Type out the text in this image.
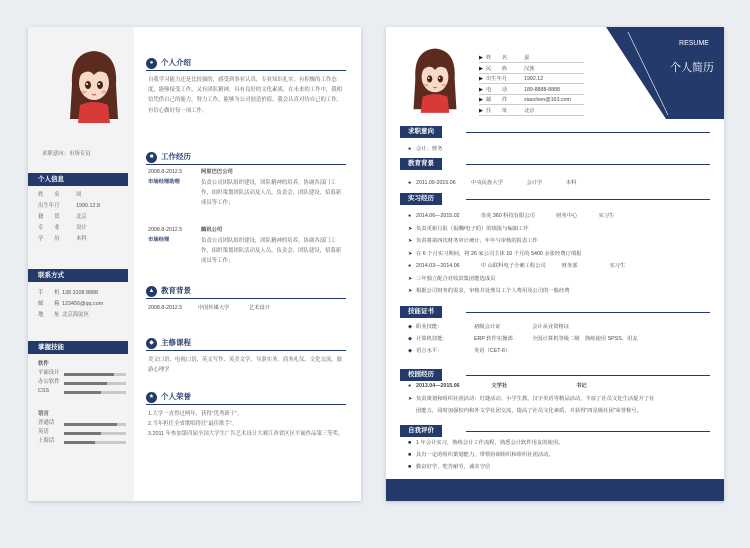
求职意向：市场专员
个人信息
姓　　名	周
出生年月	1990.12.8
籍　　贯	北京
专　　业	设计
学　　历	本科
联系方式
手　　机 138 3108 8888
邮　　箱 123456@qq.com
地　　址 北京海淀区
掌握技能
软件
平面设计
办公软件
CSS
语言
普通话
英语
上海话
● 个人介绍
自我学习能力还是比较强的，感受到事业认真，专业知识扎实，有积极的工作态度，能够接受工作，又有团队精神，具有良好的文化素质，在未来的工作中，我相信凭借自己的能力，努力工作，能够为公司创造价值，我会认真对待自己的工作，有信心做好每一项工作。
■ 工作经历
2008.8-2012.5
市场经理助理
阿里巴巴公司
负责公司团队组织建设，团队精神的培养，协调各部门工作，组织策划团队活动及人员，负责会、团队建设，招募新成员等工作；
2008.8-2012.5
市场经理
腾讯公司
负责公司团队组织建设，团队精神的培养，协调各部门工作，组织策划团队活动及人员，负责会、团队建设，招募新成员等工作；
▲ 教育背景
2008.8-2012.5	中国传媒大学	艺术设计
◆ 主修课程
美文口语、电视口语、英文写作、英美文学、导游实务、商务礼仪、文化交流、旅游心理学
★ 个人荣誉
1.大学一直得过两年，获得“优秀新干”。
2.当年担任全省歌唱得任“最佳歌手”。
3.2011 年参加第四届全国大学生广告艺术设计大赛江西省区区平面作品第三等奖。
▶ 姓　　名	蚕
▶ 民　　族	汉族
▶ 出生年月	1992.12
▶ 电　　话	189-8888-8888
▶ 邮　　件	xiaochen@163.com
▶ 住　　址	北京
RESUME
个人简历
求职意向
● 会计、财务
教育背景
● 2011.09-2015.06	中央民族大学	会计学	本科
实习经历
● 2014.06—2015.02　　　　奇虎 360 科技有限公司　　　　财务中心　　　　实习生
➤ 负责更新月报（报酬/电子的）的填报与编辑工作
➤ 负责将第四次财务审计统计，年年与审核的报表工作
➤ 在 6 个月实习期间，将 26 家公司主体 10 个月的 5400 余张经费订填报
● 2014.03—2014.06　　　　中 山联科电子全硬工程公司　　　财务部　　　　　　实习生
➤ 三年独立配合对收款集团能选成员
➤ 根据公司财务的需求，审核并处理员工个人费用及公司的一般经费
技能证书
◆ 职业技能：	初级会计证	会计从业资格证
◆ 计算机技能：	ERP 软件实操部	全国计算机等级二级　熟练使用 SPSS、用友
◆ 语言水平：	英语（CET-6）
校园经历
● 2013.04—2015.06　　　　　　文学社　　　　　　　　　　　　　书记
➤ 负责策划和组织社团活动：灯谜活动、小学生教、汉字英语等精品活动，丰富了社员文化生活提升了社
团能力，同时加强校内和外文学社团交流，提高了社员文化素质，并获得“四星级社团”荣誉称号。
自我评价
■ 1 年会计实习，熟练会计工作流程，熟悉会计软件用友的使用。
■ 具有一定的组织策划能力，带领协调组织和组织社团活动。
■ 勤奋好学，吃苦耐劳，诚实守信
